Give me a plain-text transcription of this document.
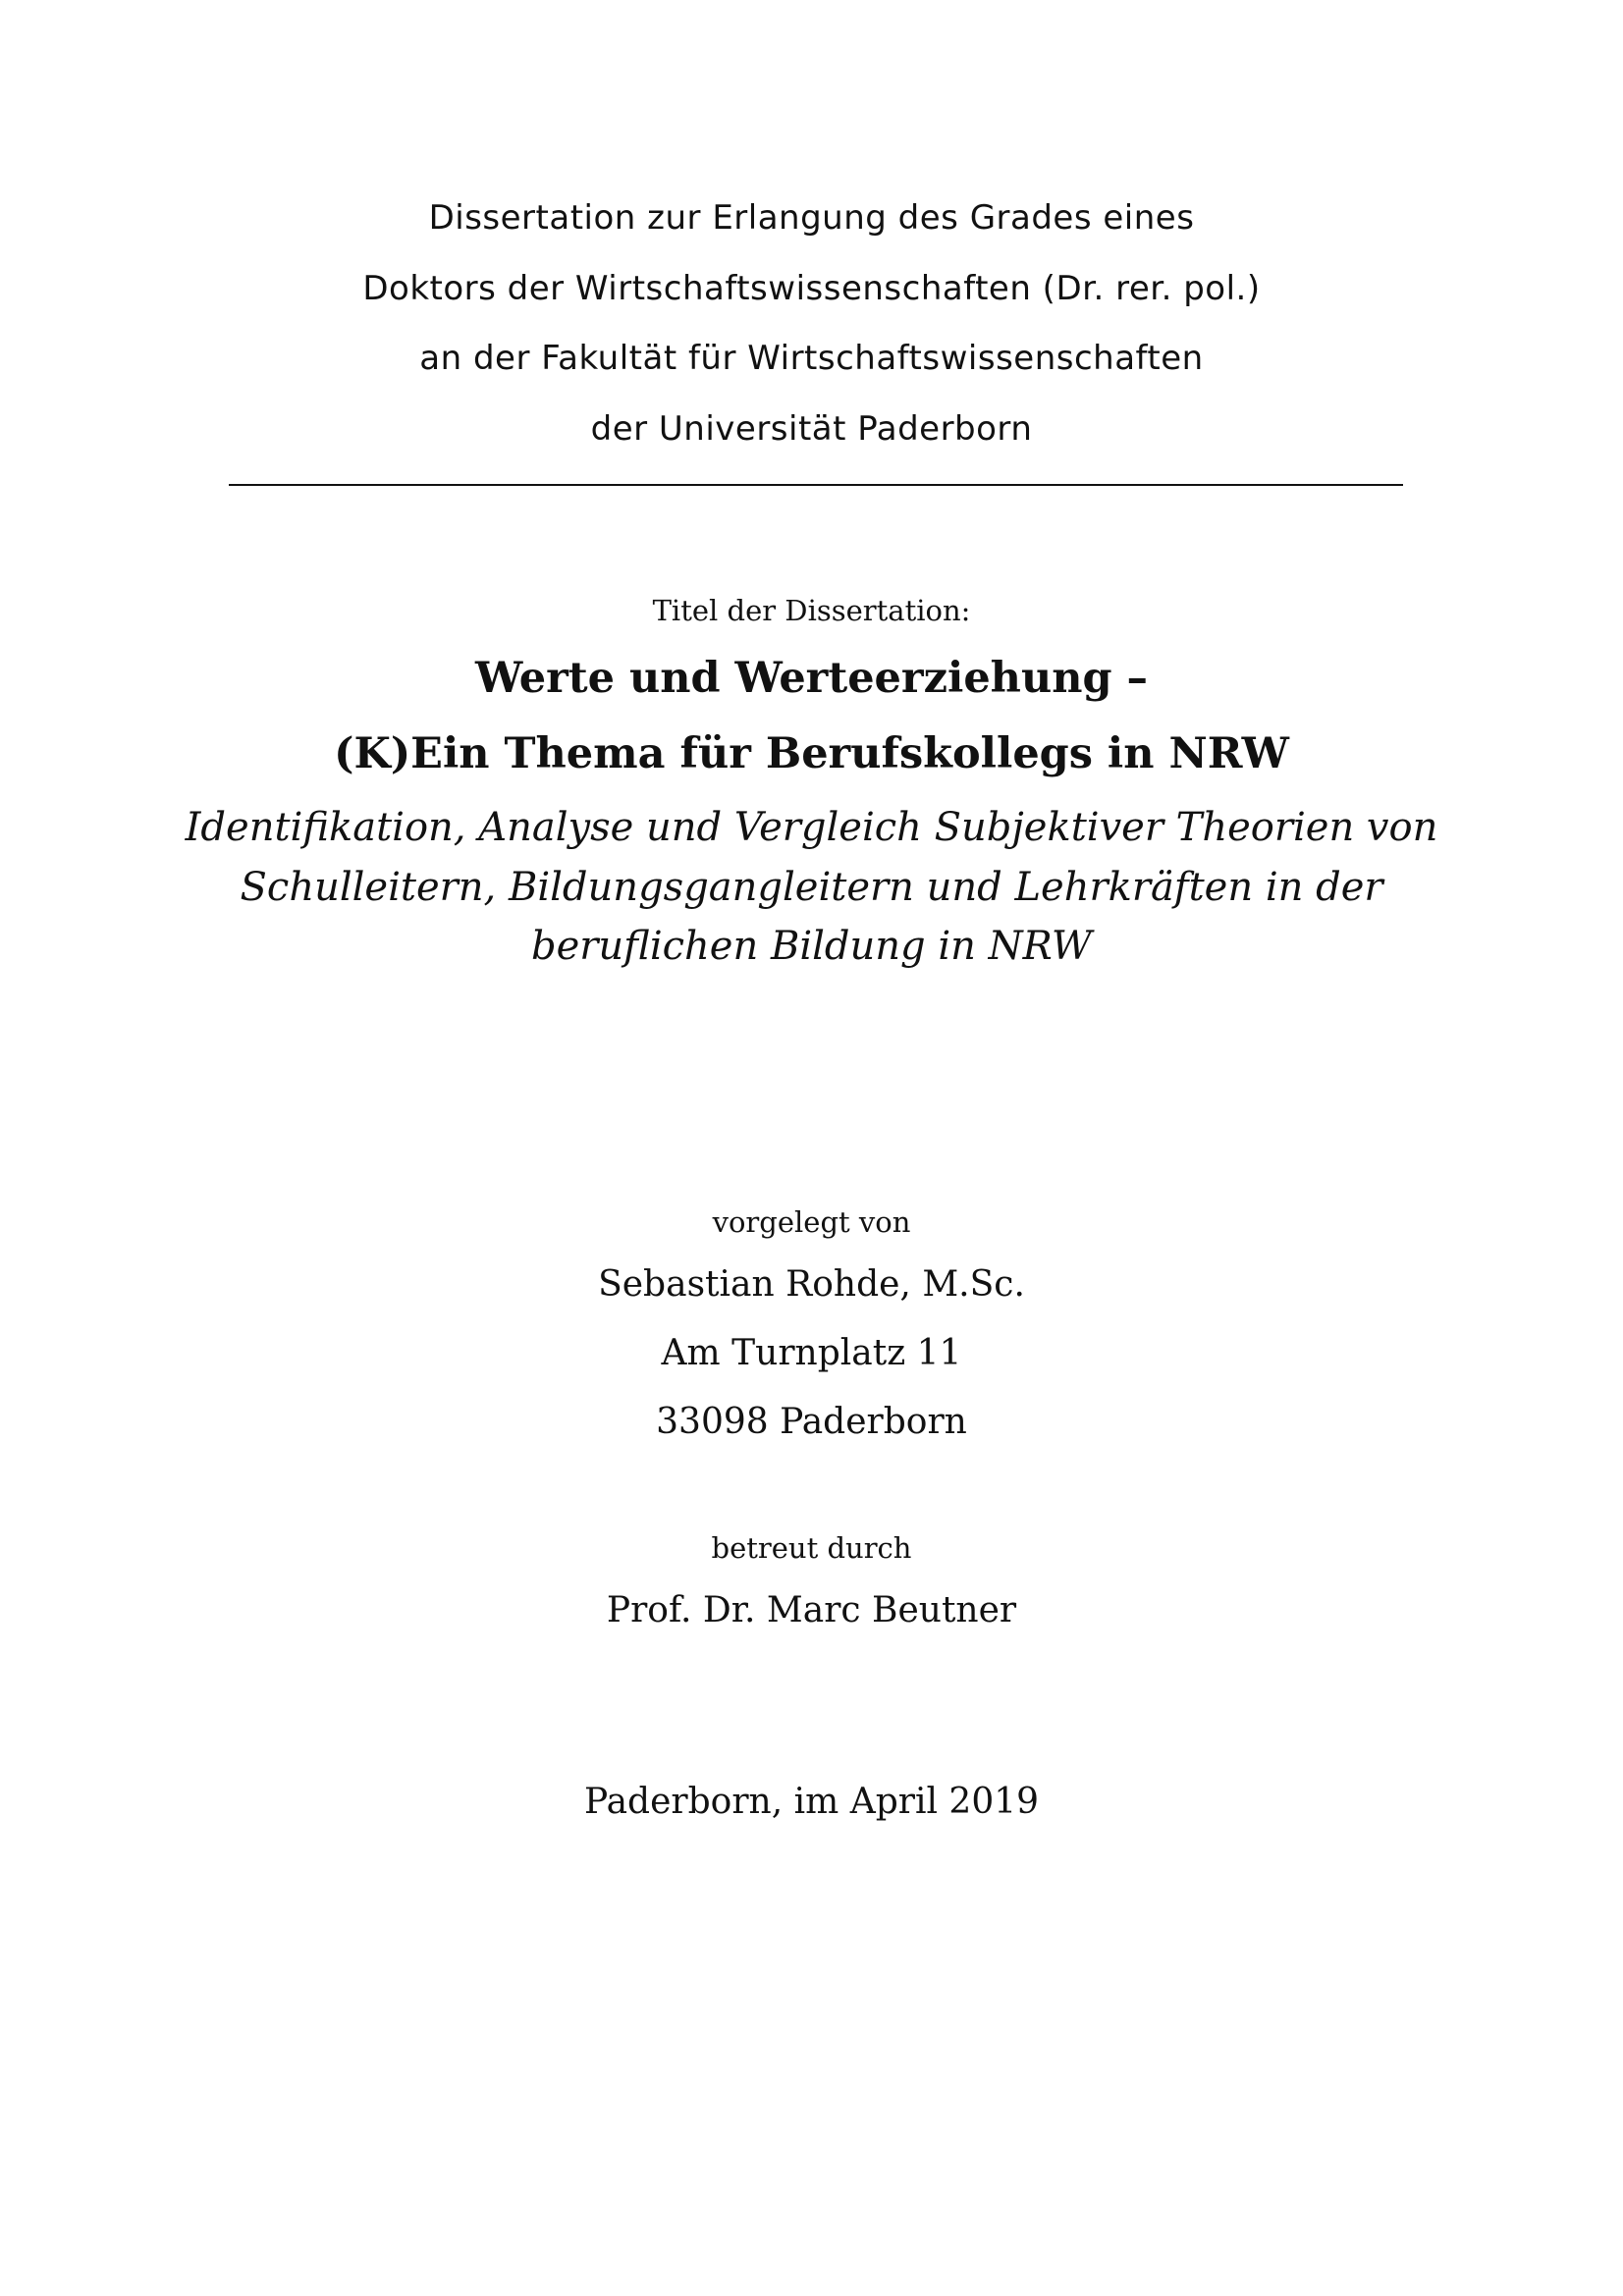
Dissertation zur Erlangung des Grades eines
Doktors der Wirtschaftswissenschaften (Dr. rer. pol.)
an der Fakultät für Wirtschaftswissenschaften
der Universität Paderborn
Titel der Dissertation:
Werte und Werteerziehung –
(K)Ein Thema für Berufskollegs in NRW
Identifikation, Analyse und Vergleich Subjektiver Theorien von
Schulleitern, Bildungsgangleitern und Lehrkräften in der
beruflichen Bildung in NRW
vorgelegt von
Sebastian Rohde, M.Sc.
Am Turnplatz 11
33098 Paderborn
betreut durch
Prof. Dr. Marc Beutner
Paderborn, im April 2019
